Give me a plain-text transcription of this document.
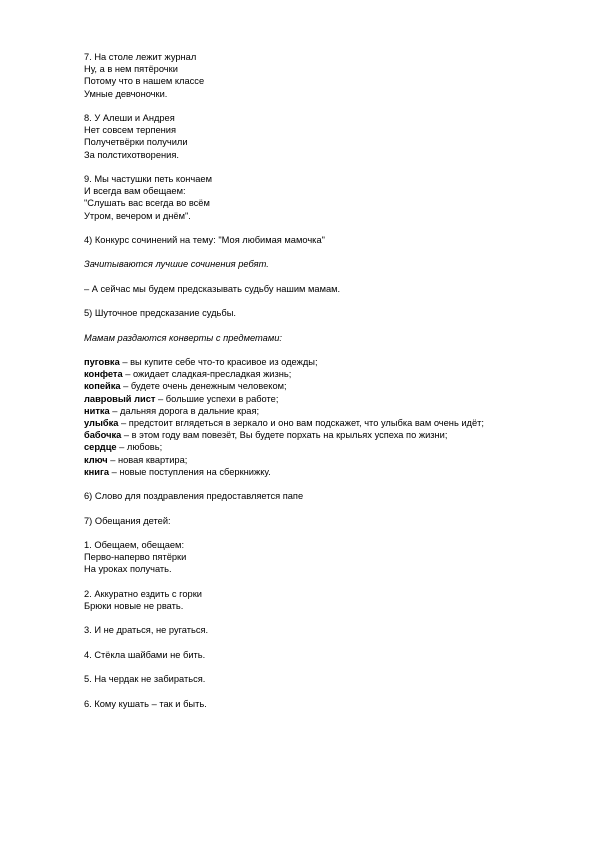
7. На столе лежит журнал
Ну, а в нем пятёрочки
Потому что в нашем классе
Умные девчоночки.
8. У Алеши и Андрея
Нет совсем терпения
Получетвёрки получили
За полстихотворения.
9. Мы частушки петь кончаем
И всегда вам обещаем:
"Слушать вас всегда во всём
Утром, вечером и днём".
4) Конкурс сочинений на тему: "Моя любимая мамочка"
Зачитываются лучшие сочинения ребят.
– А сейчас мы будем предсказывать судьбу нашим мамам.
5) Шуточное предсказание судьбы.
Мамам раздаются конверты с предметами:
пуговка – вы купите себе что-то красивое из одежды;
конфета – ожидает сладкая-пресладкая жизнь;
копейка – будете очень денежным человеком;
лавровый лист – большие успехи в работе;
нитка – дальняя дорога в дальние края;
улыбка – предстоит вглядеться в зеркало и оно вам подскажет, что улыбка вам очень идёт;
бабочка – в этом году вам повезёт, Вы будете порхать на крыльях успеха по жизни;
сердце – любовь;
ключ – новая квартира;
книга – новые поступления на сберкнижку.
6) Слово для поздравления предоставляется папе
7) Обещания детей:
1. Обещаем, обещаем:
Перво-наперво пятёрки
На уроках получать.
2. Аккуратно ездить с горки
Брюки новые не рвать.
3. И не драться, не ругаться.
4. Стёкла шайбами не бить.
5. На чердак не забираться.
6. Кому кушать – так и быть.
